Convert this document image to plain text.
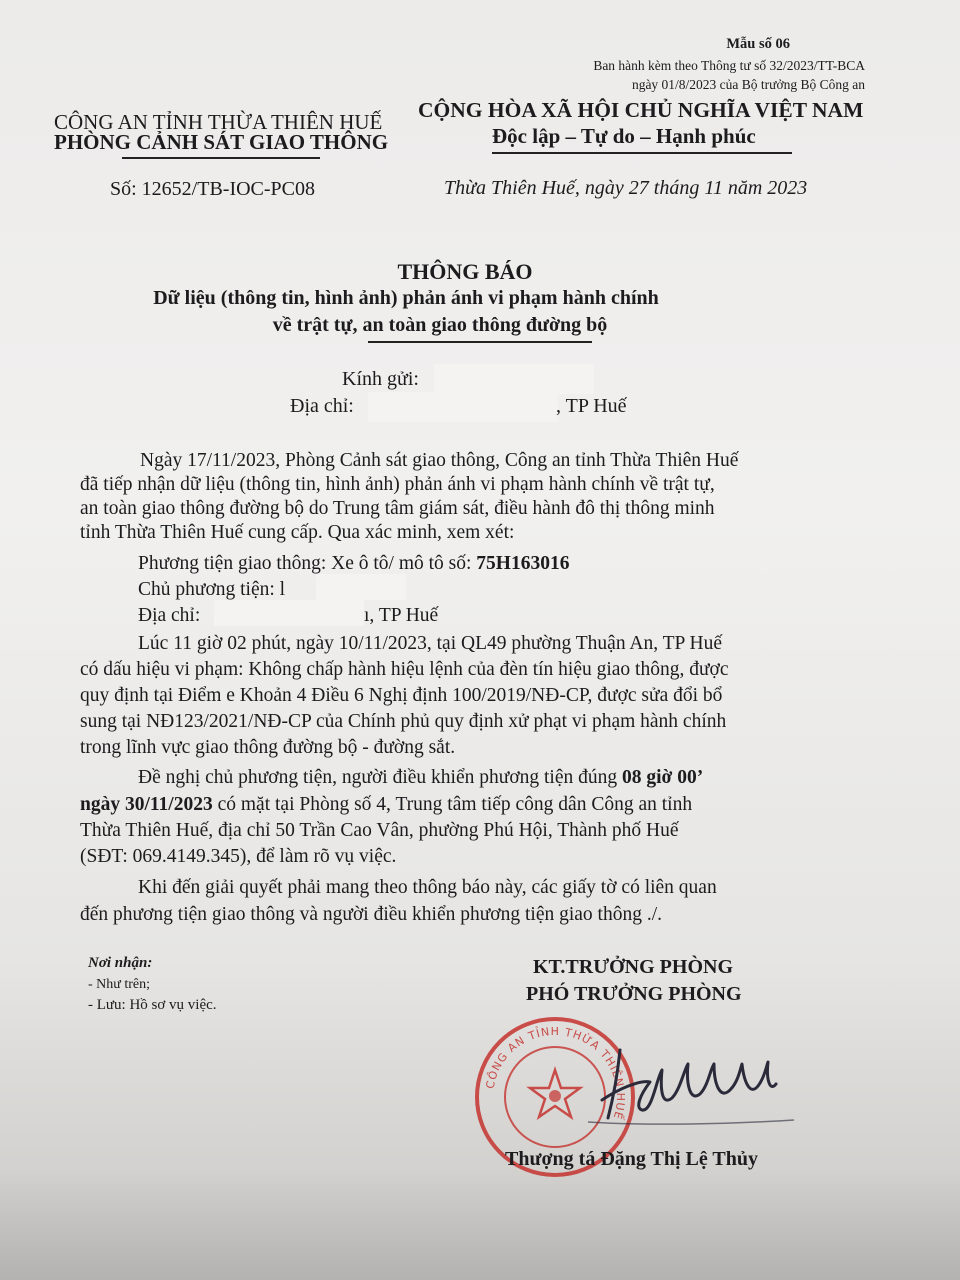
Mẫu số 06
Ban hành kèm theo Thông tư số 32/2023/TT-BCA
ngày 01/8/2023 của Bộ trưởng Bộ Công an
CÔNG AN TỈNH THỪA THIÊN HUẾ
PHÒNG CẢNH SÁT GIAO THÔNG
Số: 12652/TB-IOC-PC08
CỘNG HÒA XÃ HỘI CHỦ NGHĨA VIỆT NAM
Độc lập – Tự do – Hạnh phúc
Thừa Thiên Huế, ngày 27 tháng 11 năm 2023
THÔNG BÁO
Dữ liệu (thông tin, hình ảnh) phản ánh vi phạm hành chính
về trật tự, an toàn giao thông đường bộ
Kính gửi:
Địa chỉ:	, TP Huế
Ngày 17/11/2023, Phòng Cảnh sát giao thông, Công an tỉnh Thừa Thiên Huế
đã tiếp nhận dữ liệu (thông tin, hình ảnh) phản ánh vi phạm hành chính về trật tự,
an toàn giao thông đường bộ do Trung tâm giám sát, điều hành đô thị thông minh
tỉnh Thừa Thiên Huế cung cấp. Qua xác minh, xem xét:
Phương tiện giao thông: Xe ô tô/ mô tô số: 75H163016
Chủ phương tiện: l
Địa chỉ:	ı, TP Huế
Lúc 11 giờ 02 phút, ngày 10/11/2023, tại QL49 phường Thuận An, TP Huế
có dấu hiệu vi phạm: Không chấp hành hiệu lệnh của đèn tín hiệu giao thông, được
quy định tại Điểm e Khoản 4 Điều 6 Nghị định 100/2019/NĐ-CP, được sửa đổi bổ
sung tại NĐ123/2021/NĐ-CP của Chính phủ quy định xử phạt vi phạm hành chính
trong lĩnh vực giao thông đường bộ - đường sắt.
Đề nghị chủ phương tiện, người điều khiển phương tiện đúng 08 giờ 00’
ngày 30/11/2023 có mặt tại Phòng số 4, Trung tâm tiếp công dân Công an tỉnh
Thừa Thiên Huế, địa chỉ 50 Trần Cao Vân, phường Phú Hội, Thành phố Huế
(SĐT: 069.4149.345), để làm rõ vụ việc.
Khi đến giải quyết phải mang theo thông báo này, các giấy tờ có liên quan
đến phương tiện giao thông và người điều khiển phương tiện giao thông ./.
Nơi nhận:
- Như trên;
- Lưu: Hồ sơ vụ việc.
KT.TRƯỞNG PHÒNG
PHÓ TRƯỞNG PHÒNG
CÔNG AN TỈNH THỪA THIÊN HUẾ
Thượng tá Đặng Thị Lệ Thủy
